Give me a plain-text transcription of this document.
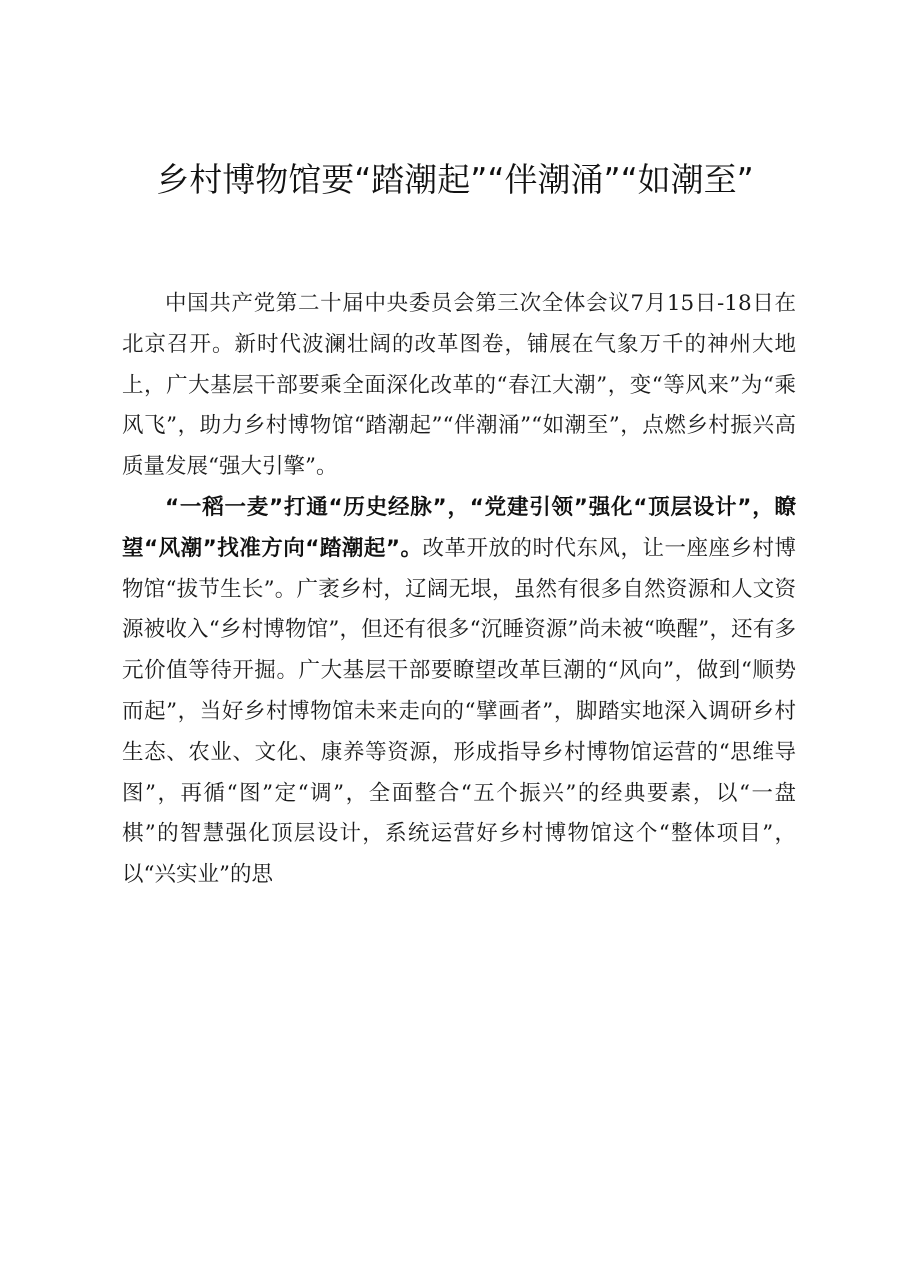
乡村博物馆要“踏潮起”“伴潮涌”“如潮至”

中国共产党第二十届中央委员会第三次全体会议7月15日-18日在北京召开。新时代波澜壮阔的改革图卷，铺展在气象万千的神州大地上，广大基层干部要乘全面深化改革的“春江大潮”，变“等风来”为“乘风飞”，助力乡村博物馆“踏潮起”“伴潮涌”“如潮至”，点燃乡村振兴高质量发展“强大引擎”。

“一稻一麦”打通“历史经脉”，“党建引领”强化“顶层设计”，瞭望“风潮”找准方向“踏潮起”。改革开放的时代东风，让一座座乡村博物馆“拔节生长”。广袤乡村，辽阔无垠，虽然有很多自然资源和人文资源被收入“乡村博物馆”，但还有很多“沉睡资源”尚未被“唤醒”，还有多元价值等待开掘。广大基层干部要瞭望改革巨潮的“风向”，做到“顺势而起”，当好乡村博物馆未来走向的“擘画者”，脚踏实地深入调研乡村生态、农业、文化、康养等资源，形成指导乡村博物馆运营的“思维导图”，再循“图”定“调”，全面整合“五个振兴”的经典要素，以“一盘棋”的智慧强化顶层设计，系统运营好乡村博物馆这个“整体项目”，以“兴实业”的思
